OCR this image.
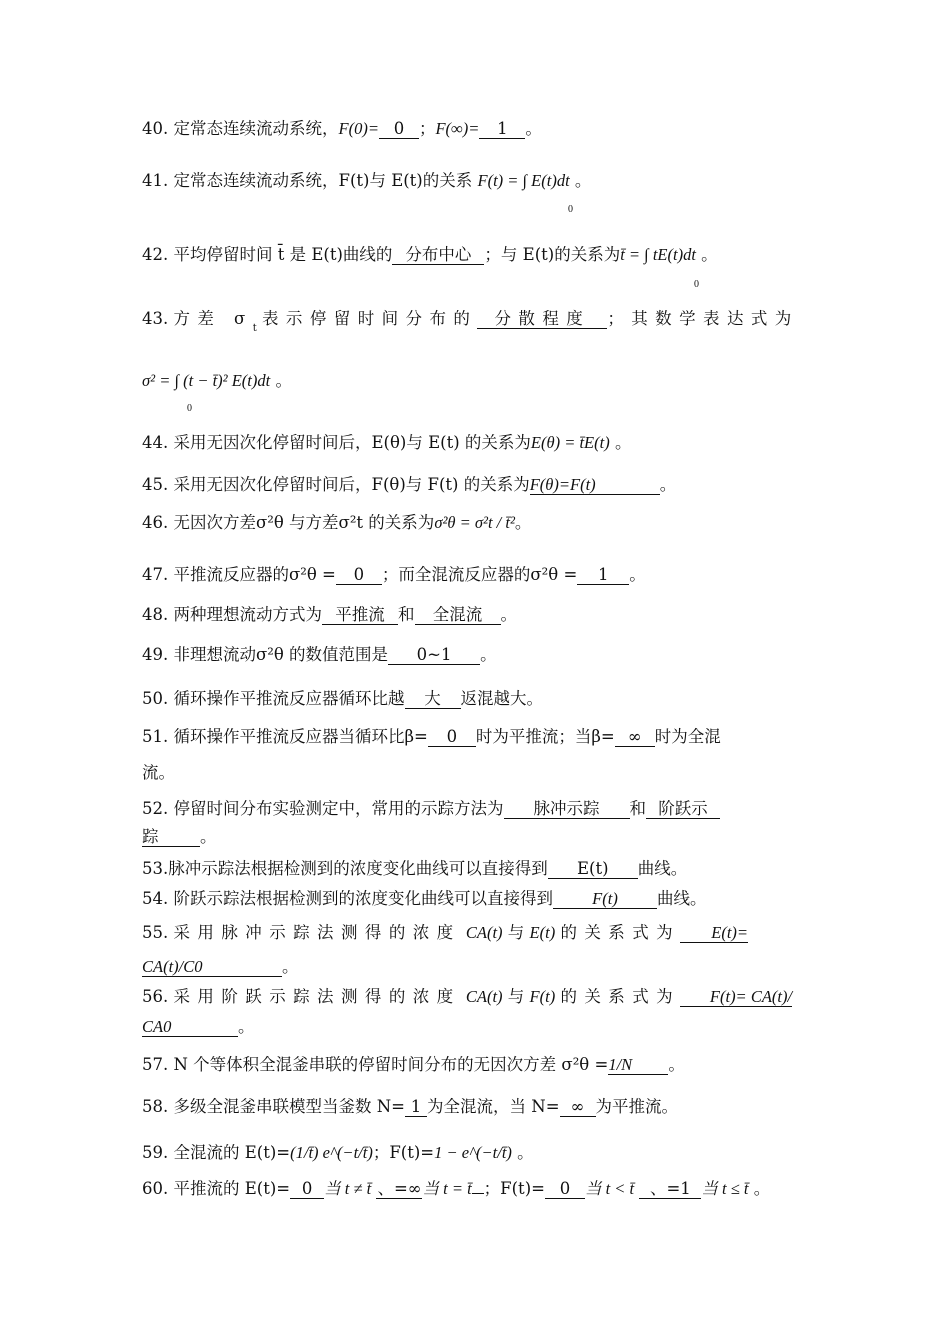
40. 定常态连续流动系统，F(0)= 0 ；F(∞)= 1 。
41. 定常态连续流动系统，F(t)与 E(t)的关系 F(t) = ∫ E(t)dt 。
0
42. 平均停留时间 t̄ 是 E(t)曲线的 分布中心 ；与 E(t)的关系为t̄ = ∫ tE(t)dt 。
0
43. 方差 $\sigma_t$ 表示停留时间分布的 分散程度 ；其数学表达式为
σ² = ∫ (t − t̄)² E(t)dt 。
0
44. 采用无因次化停留时间后，E(θ)与 E(t) 的关系为E(θ) = t̄E(t) 。
45. 采用无因次化停留时间后，F(θ)与 F(t) 的关系为F(θ)=F(t)	。
46. 无因次方差σ²θ 与方差σ²t 的关系为σ²θ = σ²t / t̄²。
47. 平推流反应器的σ²θ = 0 ；而全混流反应器的σ²θ = 1 。
48. 两种理想流动方式为 平推流 和 全混流 。
49. 非理想流动σ²θ 的数值范围是 0~1 。
50. 循环操作平推流反应器循环比越 大 返混越大。
51. 循环操作平推流反应器当循环比β= 0 时为平推流；当β= ∞ 时为全混
流。
52. 停留时间分布实验测定中，常用的示踪方法为 脉冲示踪 和 阶跃示
踪	。
53.脉冲示踪法根据检测到的浓度变化曲线可以直接得到 E(t) 曲线。
54. 阶跃示踪法根据检测到的浓度变化曲线可以直接得到 F(t) 曲线。
55. 采用脉冲示踪法测得的浓度 CA(t) 与 E(t) 的关系式为 E(t)=
CA(t)/C0	。
56. 采用阶跃示踪法测得的浓度 CA(t) 与 F(t) 的关系式为 F(t)= CA(t)/
CA0	。
57. N 个等体积全混釜串联的停留时间分布的无因次方差 σ²θ =1/N 。
58. 多级全混釜串联模型当釜数 N= 1 为全混流，当 N= ∞ 为平推流。
59. 全混流的 E(t)=(1/t̄) e^(−t/t̄)；F(t)=1 − e^(−t/t̄) 。
60. 平推流的 E(t)= 0 当 t ≠ t̄ 、=∞当 t = t̄ ；F(t)= 0 当 t < t̄ 、=1 当 t ≤ t̄ 。
